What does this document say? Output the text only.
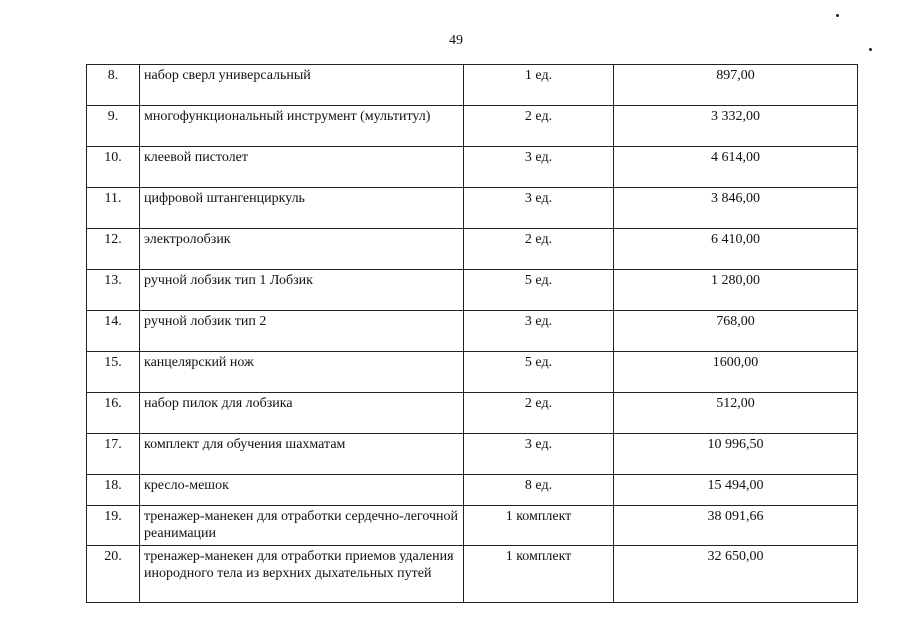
49
8.	набор сверл универсальный	1 ед.	897,00
9.	многофункциональный инструмент (мультитул)	2 ед.	3 332,00
10.	клеевой пистолет	3 ед.	4 614,00
11.	цифровой штангенциркуль	3 ед.	3 846,00
12.	электролобзик	2 ед.	6 410,00
13.	ручной лобзик тип 1 Лобзик	5 ед.	1 280,00
14.	ручной лобзик тип 2	3 ед.	768,00
15.	канцелярский нож	5 ед.	1600,00
16.	набор пилок для лобзика	2 ед.	512,00
17.	комплект для обучения шахматам	3 ед.	10 996,50
18.	кресло-мешок	8 ед.	15 494,00
19.	тренажер-манекен для отработки сердечно-легочной реанимации	1 комплект	38 091,66
20.	тренажер-манекен для отработки приемов удаления инородного тела из верхних дыхательных путей	1 комплект	32 650,00
